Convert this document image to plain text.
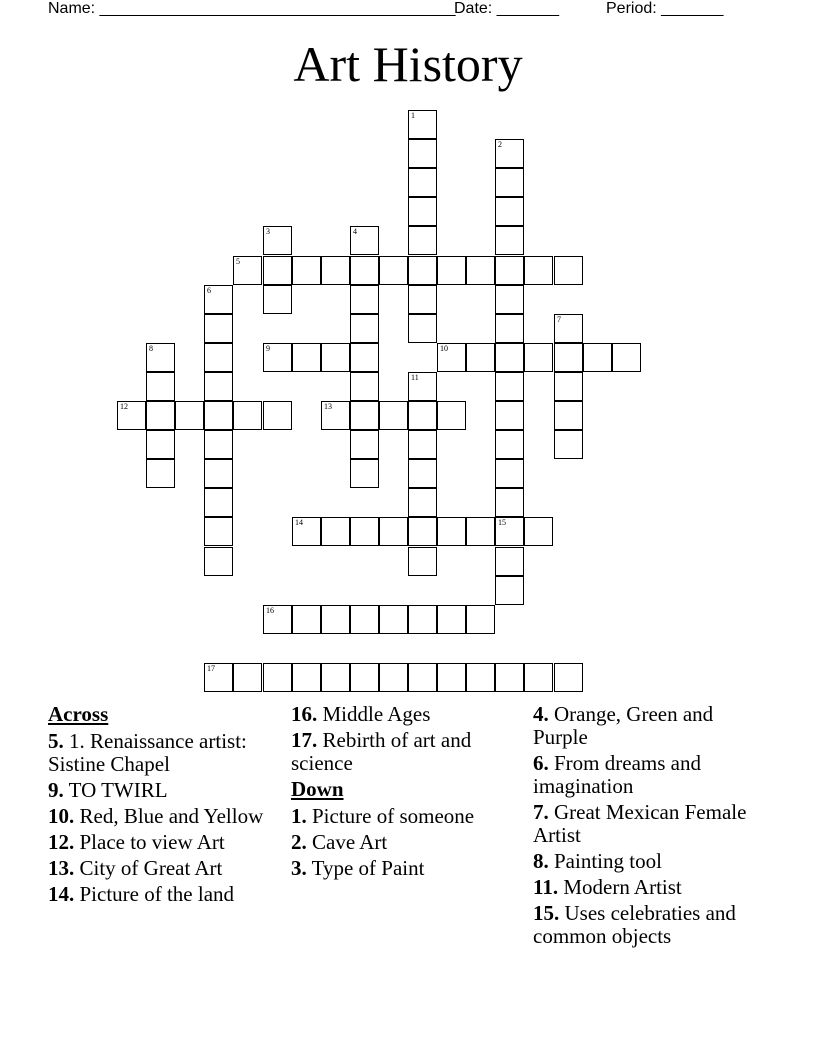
Name: ________________________________________
Date: _______	Period: _______
Art History
1
2
3	4
5
6
7
8	9	10
11
12	13
14	15
16
17
Across
5. 1. Renaissance artist: Sistine Chapel
9. TO TWIRL
10. Red, Blue and Yellow
12. Place to view Art
13. City of Great Art
14. Picture of the land
16. Middle Ages
17. Rebirth of art and science
Down
1. Picture of someone
2. Cave Art
3. Type of Paint
4. Orange, Green and Purple
6. From dreams and imagination
7. Great Mexican Female Artist
8. Painting tool
11. Modern Artist
15. Uses celebraties and common objects
